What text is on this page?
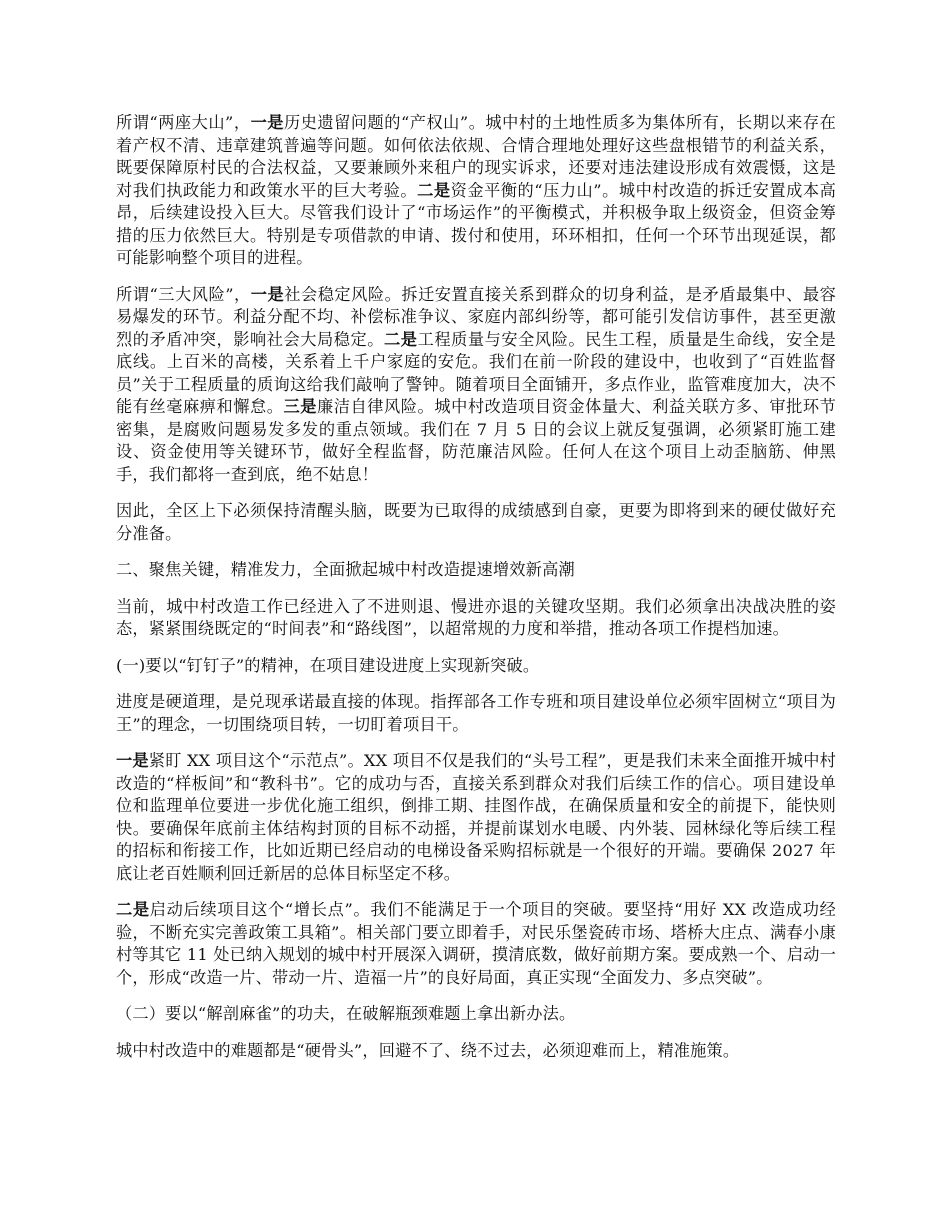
所谓“两座大山”，一是历史遗留问题的“产权山”。城中村的土地性质多为集体所有，长期以来存在着产权不清、违章建筑普遍等问题。如何依法依规、合情合理地处理好这些盘根错节的利益关系，既要保障原村民的合法权益，又要兼顾外来租户的现实诉求，还要对违法建设形成有效震慑，这是对我们执政能力和政策水平的巨大考验。二是资金平衡的“压力山”。城中村改造的拆迁安置成本高昂，后续建设投入巨大。尽管我们设计了“市场运作”的平衡模式，并积极争取上级资金，但资金筹措的压力依然巨大。特别是专项借款的申请、拨付和使用，环环相扣，任何一个环节出现延误，都可能影响整个项目的进程。

所谓“三大风险”，一是社会稳定风险。拆迁安置直接关系到群众的切身利益，是矛盾最集中、最容易爆发的环节。利益分配不均、补偿标准争议、家庭内部纠纷等，都可能引发信访事件，甚至更激烈的矛盾冲突，影响社会大局稳定。二是工程质量与安全风险。民生工程，质量是生命线，安全是底线。上百米的高楼，关系着上千户家庭的安危。我们在前一阶段的建设中，也收到了“百姓监督员”关于工程质量的质询这给我们敲响了警钟。随着项目全面铺开，多点作业，监管难度加大，决不能有丝毫麻痹和懈怠。三是廉洁自律风险。城中村改造项目资金体量大、利益关联方多、审批环节密集，是腐败问题易发多发的重点领域。我们在 7 月 5 日的会议上就反复强调，必须紧盯施工建设、资金使用等关键环节，做好全程监督，防范廉洁风险。任何人在这个项目上动歪脑筋、伸黑手，我们都将一查到底，绝不姑息！

因此，全区上下必须保持清醒头脑，既要为已取得的成绩感到自豪，更要为即将到来的硬仗做好充分准备。

二、聚焦关键，精准发力，全面掀起城中村改造提速增效新高潮

当前，城中村改造工作已经进入了不进则退、慢进亦退的关键攻坚期。我们必须拿出决战决胜的姿态，紧紧围绕既定的“时间表”和“路线图”，以超常规的力度和举措，推动各项工作提档加速。

(一)要以“钉钉子”的精神，在项目建设进度上实现新突破。

进度是硬道理，是兑现承诺最直接的体现。指挥部各工作专班和项目建设单位必须牢固树立“项目为王”的理念，一切围绕项目转，一切盯着项目干。

一是紧盯 XX 项目这个“示范点”。XX 项目不仅是我们的“头号工程”，更是我们未来全面推开城中村改造的“样板间”和“教科书”。它的成功与否，直接关系到群众对我们后续工作的信心。项目建设单位和监理单位要进一步优化施工组织，倒排工期、挂图作战，在确保质量和安全的前提下，能快则快。要确保年底前主体结构封顶的目标不动摇，并提前谋划水电暖、内外装、园林绿化等后续工程的招标和衔接工作，比如近期已经启动的电梯设备采购招标就是一个很好的开端。要确保 2027 年底让老百姓顺利回迁新居的总体目标坚定不移。

二是启动后续项目这个“增长点”。我们不能满足于一个项目的突破。要坚持“用好 XX 改造成功经验，不断充实完善政策工具箱”。相关部门要立即着手，对民乐堡瓷砖市场、塔桥大庄点、满春小康村等其它 11 处已纳入规划的城中村开展深入调研，摸清底数，做好前期方案。要成熟一个、启动一个，形成“改造一片、带动一片、造福一片”的良好局面，真正实现“全面发力、多点突破”。

（二）要以“解剖麻雀”的功夫，在破解瓶颈难题上拿出新办法。

城中村改造中的难题都是“硬骨头”，回避不了、绕不过去，必须迎难而上，精准施策。
